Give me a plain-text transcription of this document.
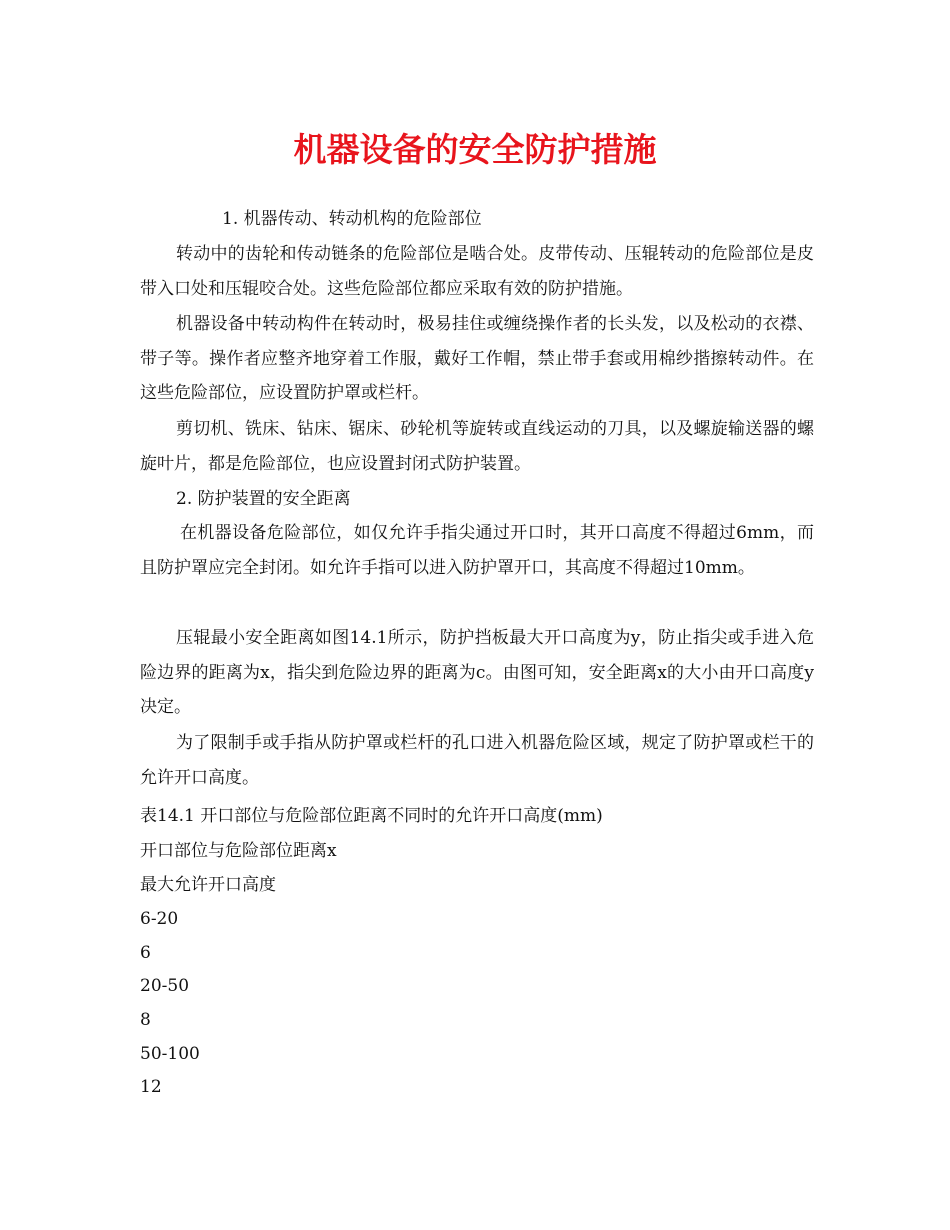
机器设备的安全防护措施

1. 机器传动、转动机构的危险部位

转动中的齿轮和传动链条的危险部位是啮合处。皮带传动、压辊转动的危险部位是皮带入口处和压辊咬合处。这些危险部位都应采取有效的防护措施。

机器设备中转动构件在转动时，极易挂住或缠绕操作者的长头发，以及松动的衣襟、带子等。操作者应整齐地穿着工作服，戴好工作帽，禁止带手套或用棉纱揩擦转动件。在这些危险部位，应设置防护罩或栏杆。

剪切机、铣床、钻床、锯床、砂轮机等旋转或直线运动的刀具，以及螺旋输送器的螺旋叶片，都是危险部位，也应设置封闭式防护装置。

2. 防护装置的安全距离

在机器设备危险部位，如仅允许手指尖通过开口时，其开口高度不得超过6mm，而且防护罩应完全封闭。如允许手指可以进入防护罩开口，其高度不得超过10mm。

压辊最小安全距离如图14.1所示，防护挡板最大开口高度为y，防止指尖或手进入危险边界的距离为x，指尖到危险边界的距离为c。由图可知，安全距离x的大小由开口高度y决定。

为了限制手或手指从防护罩或栏杆的孔口进入机器危险区域，规定了防护罩或栏干的允许开口高度。

表14.1 开口部位与危险部位距离不同时的允许开口高度(mm)

开口部位与危险部位距离x

最大允许开口高度

6-20

6

20-50

8

50-100

12
